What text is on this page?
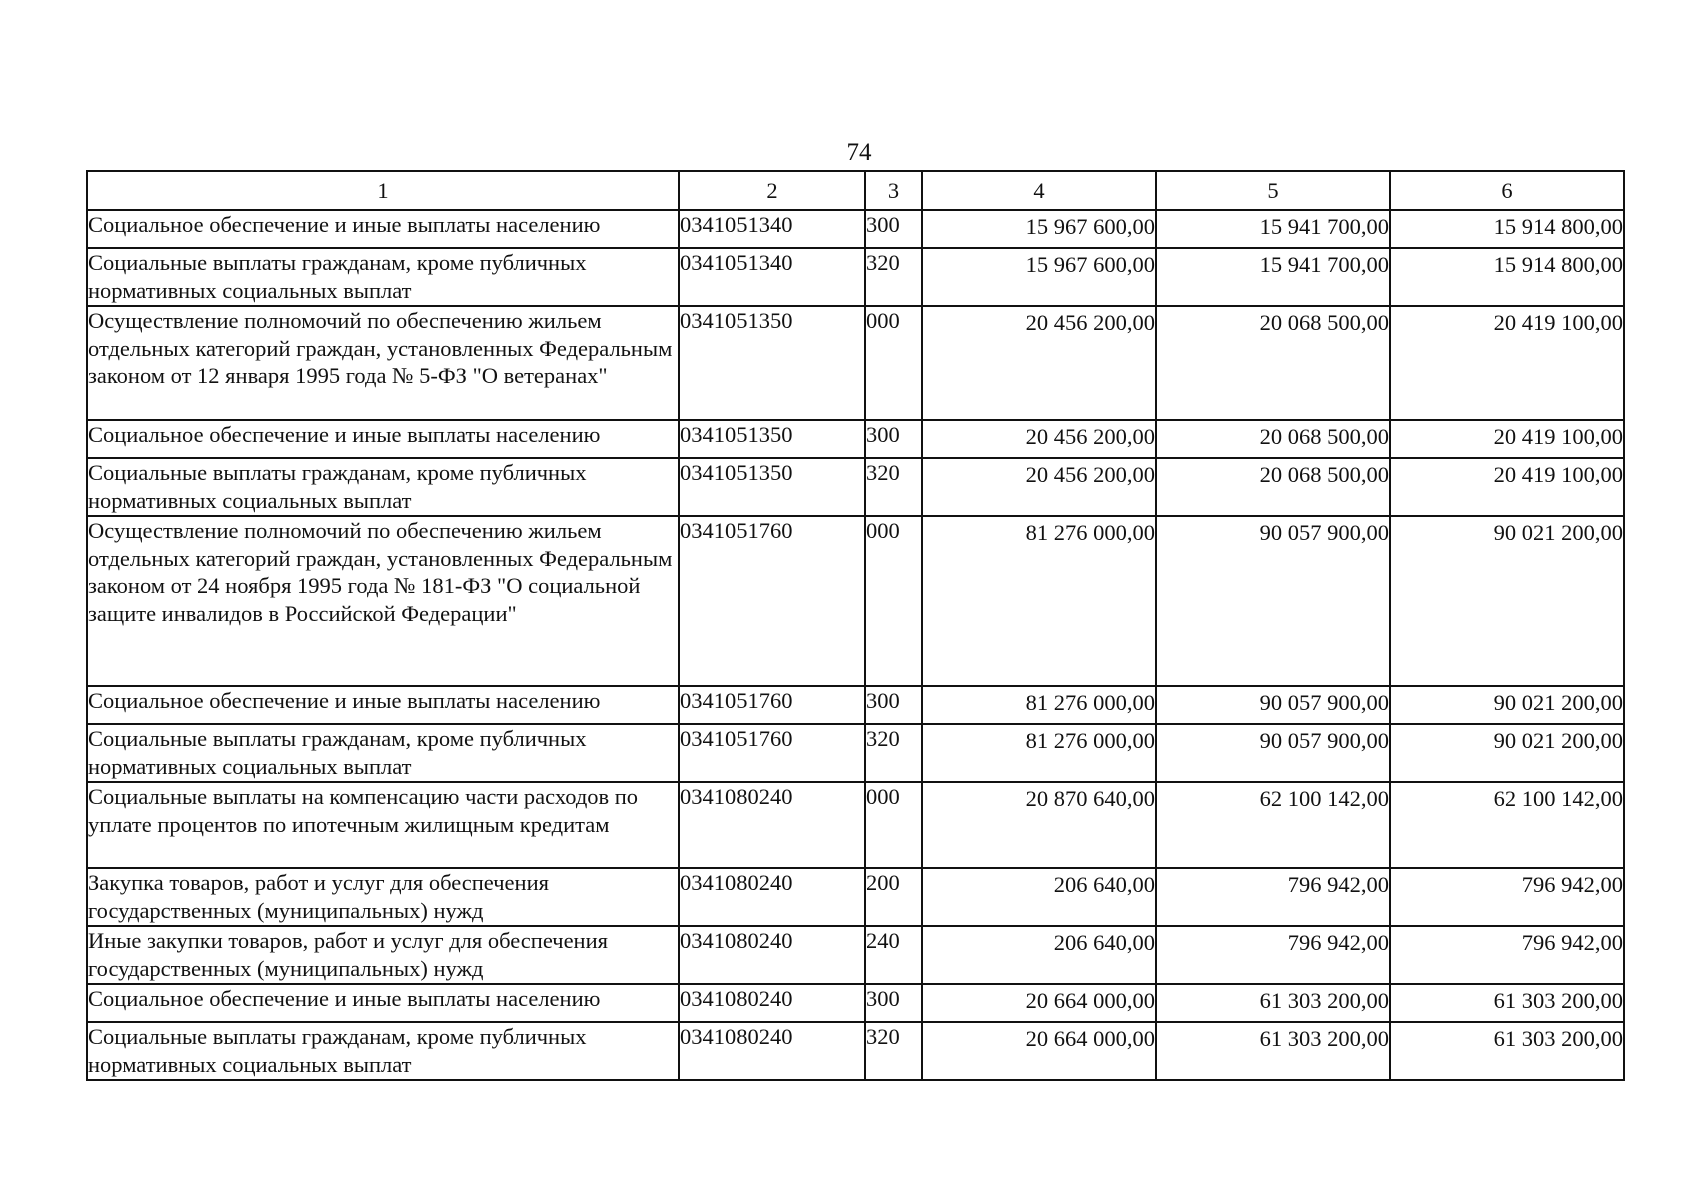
74
1	2	3	4	5	6
Социальное обеспечение и иные выплаты населению	0341051340	300	15 967 600,00	15 941 700,00	15 914 800,00
Социальные выплаты гражданам, кроме публичных нормативных социальных выплат	0341051340	320	15 967 600,00	15 941 700,00	15 914 800,00
Осуществление полномочий по обеспечению жильем отдельных категорий граждан, установленных Федеральным законом от 12 января 1995 года № 5-ФЗ "О ветеранах"	0341051350	000	20 456 200,00	20 068 500,00	20 419 100,00
Социальное обеспечение и иные выплаты населению	0341051350	300	20 456 200,00	20 068 500,00	20 419 100,00
Социальные выплаты гражданам, кроме публичных нормативных социальных выплат	0341051350	320	20 456 200,00	20 068 500,00	20 419 100,00
Осуществление полномочий по обеспечению жильем отдельных категорий граждан, установленных Федеральным законом от 24 ноября 1995 года № 181-ФЗ "О социальной защите инвалидов в Российской Федерации"	0341051760	000	81 276 000,00	90 057 900,00	90 021 200,00
Социальное обеспечение и иные выплаты населению	0341051760	300	81 276 000,00	90 057 900,00	90 021 200,00
Социальные выплаты гражданам, кроме публичных нормативных социальных выплат	0341051760	320	81 276 000,00	90 057 900,00	90 021 200,00
Социальные выплаты на компенсацию части расходов по уплате процентов по ипотечным жилищным кредитам	0341080240	000	20 870 640,00	62 100 142,00	62 100 142,00
Закупка товаров, работ и услуг для обеспечения государственных (муниципальных) нужд	0341080240	200	206 640,00	796 942,00	796 942,00
Иные закупки товаров, работ и услуг для обеспечения государственных (муниципальных) нужд	0341080240	240	206 640,00	796 942,00	796 942,00
Социальное обеспечение и иные выплаты населению	0341080240	300	20 664 000,00	61 303 200,00	61 303 200,00
Социальные выплаты гражданам, кроме публичных нормативных социальных выплат	0341080240	320	20 664 000,00	61 303 200,00	61 303 200,00
